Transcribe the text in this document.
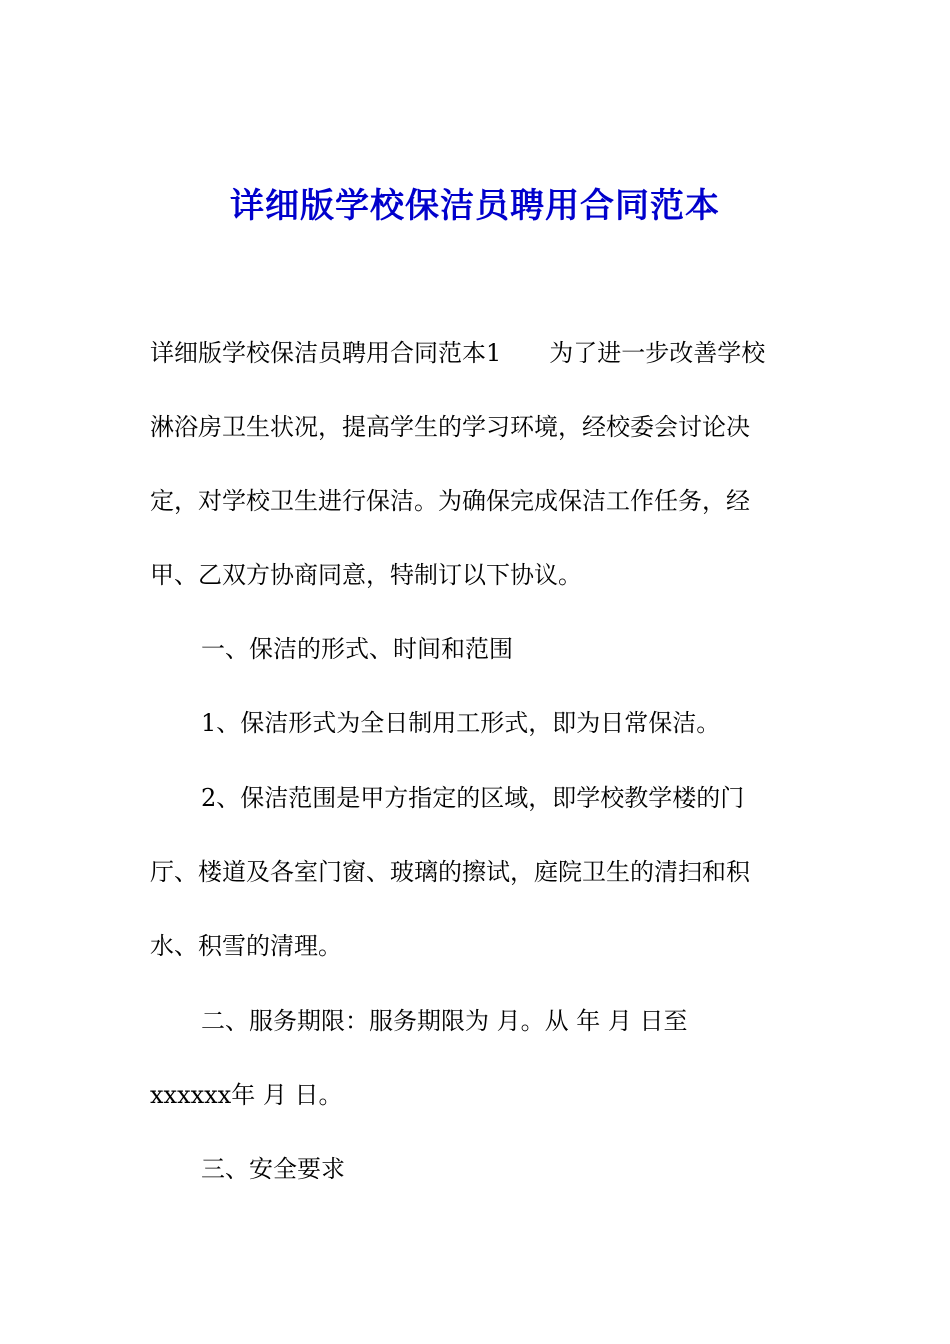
详细版学校保洁员聘用合同范本
详细版学校保洁员聘用合同范本1　　为了进一步改善学校
淋浴房卫生状况，提高学生的学习环境，经校委会讨论决
定，对学校卫生进行保洁。为确保完成保洁工作任务，经
甲、乙双方协商同意，特制订以下协议。
一、保洁的形式、时间和范围
1、保洁形式为全日制用工形式，即为日常保洁。
2、保洁范围是甲方指定的区域，即学校教学楼的门
厅、楼道及各室门窗、玻璃的擦试，庭院卫生的清扫和积
水、积雪的清理。
二、服务期限：服务期限为 月。从 年 月 日至
xxxxxx年 月 日。
三、安全要求
